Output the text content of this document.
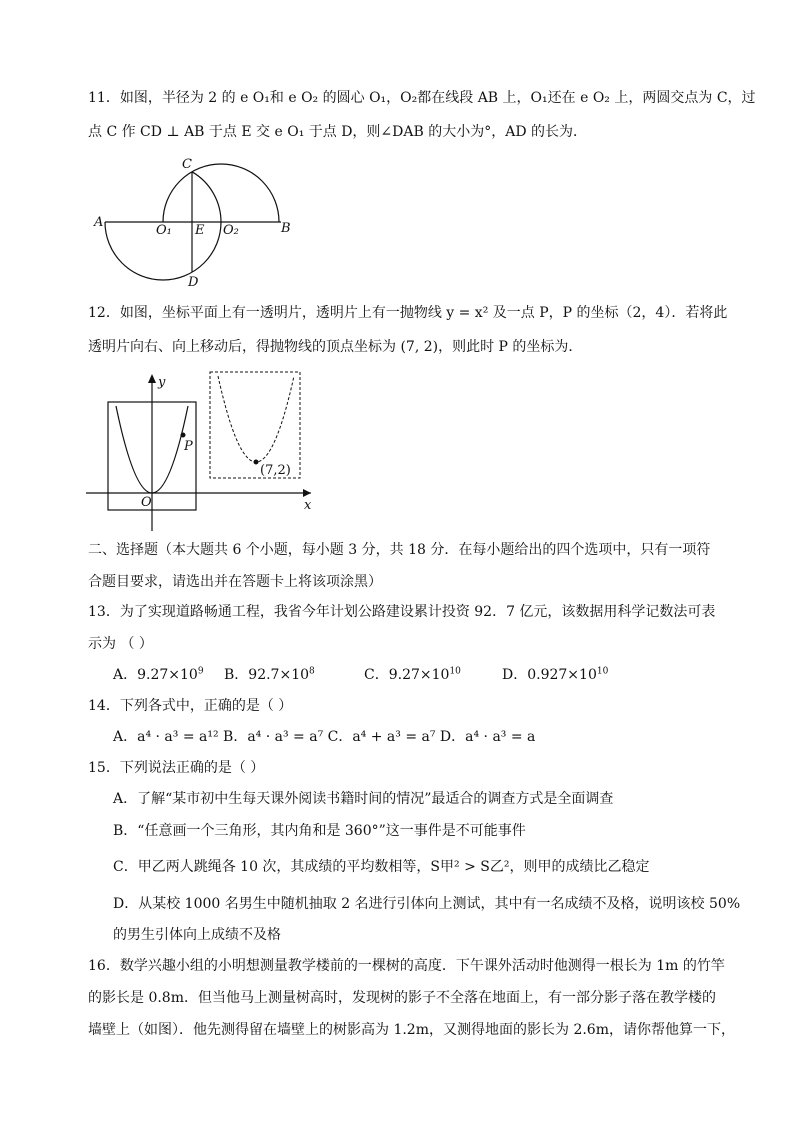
11．如图，半径为 2 的 e O₁和 e O₂ 的圆心 O₁，O₂都在线段 AB 上，O₁还在 e O₂ 上，两圆交点为 C，过
点 C 作 CD ⊥ AB 于点 E 交 e O₁ 于点 D，则∠DAB 的大小为°，AD 的长为．
A	B
C
D
E
O₁	O₂
12．如图，坐标平面上有一透明片，透明片上有一抛物线 y = x² 及一点 P，P 的坐标（2，4）．若将此
透明片向右、向上移动后，得抛物线的顶点坐标为 (7, 2)，则此时 P 的坐标为．
P
O
y
x
(7,2)
二、选择题（本大题共 6 个小题，每小题 3 分，共 18 分．在每小题给出的四个选项中，只有一项符
合题目要求，请选出并在答题卡上将该项涂黑）
13．为了实现道路畅通工程，我省今年计划公路建设累计投资 92．7 亿元，该数据用科学记数法可表
示为 （ ）
A．$9.27\times 10^9$ B．$92.7\times 10^8$	C．$9.27\times 10^{10}$	D．$0.927\times 10^{10}$
14．下列各式中，正确的是（ ）
A．a⁴ · a³ = a¹² B．a⁴ · a³ = a⁷ C．a⁴ + a³ = a⁷ D．a⁴ · a³ = a
15．下列说法正确的是（ ）
A．了解“某市初中生每天课外阅读书籍时间的情况”最适合的调查方式是全面调查
B．“任意画一个三角形，其内角和是 360°”这一事件是不可能事件
C．甲乙两人跳绳各 10 次，其成绩的平均数相等，S甲² > S乙²，则甲的成绩比乙稳定
D．从某校 1000 名男生中随机抽取 2 名进行引体向上测试，其中有一名成绩不及格，说明该校 50%
的男生引体向上成绩不及格
16．数学兴趣小组的小明想测量教学楼前的一棵树的高度．下午课外活动时他测得一根长为 1m 的竹竿
的影长是 0.8m．但当他马上测量树高时，发现树的影子不全落在地面上，有一部分影子落在教学楼的
墙壁上（如图）．他先测得留在墙壁上的树影高为 1.2m，又测得地面的影长为 2.6m，请你帮他算一下，
